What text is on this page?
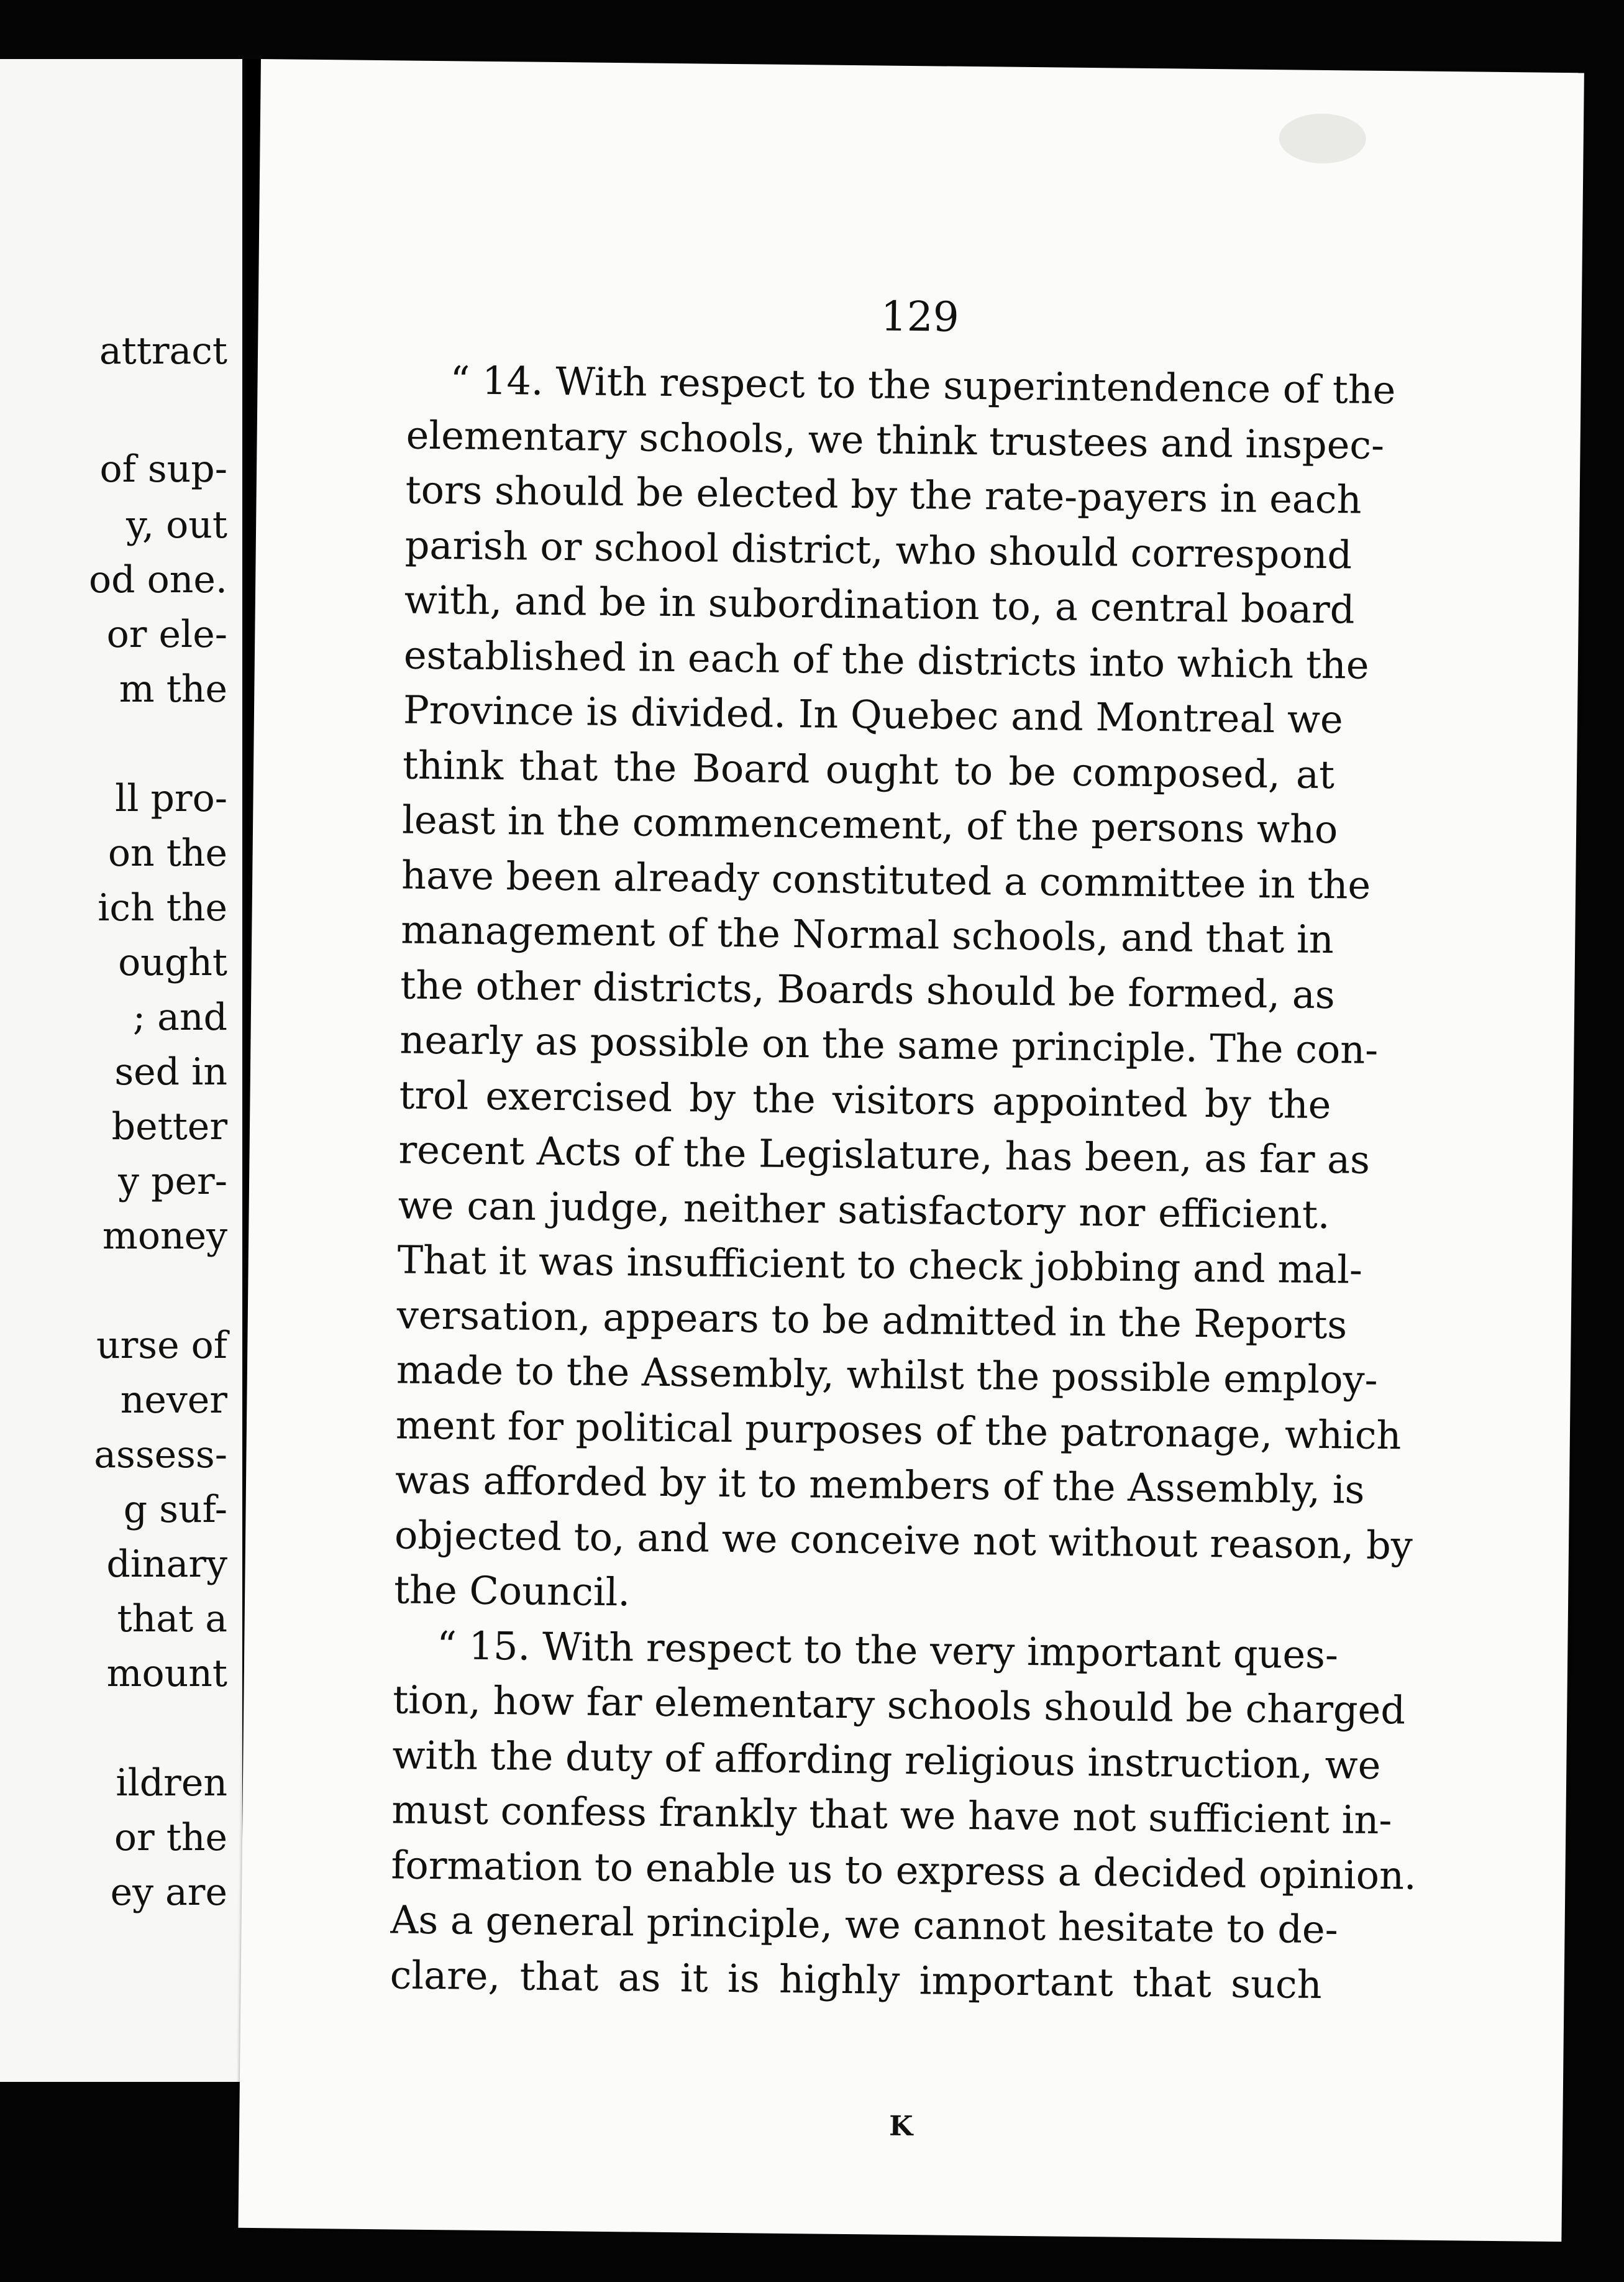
attract
of sup-
y, out
od one.
or ele-
m the
ll pro-
on the
ich the
ought
; and
sed in
better
y per-
money
urse of
never
assess-
g suf-
dinary
that a
mount
ildren
or the
ey are
129
“ 14. With respect to the superintendence of the
elementary schools, we think trustees and inspec-
tors should be elected by the rate-payers in each
parish or school district, who should correspond
with, and be in subordination to, a central board
established in each of the districts into which the
Province is divided. In Quebec and Montreal we
think that the Board ought to be composed, at
least in the commencement, of the persons who
have been already constituted a committee in the
management of the Normal schools, and that in
the other districts, Boards should be formed, as
nearly as possible on the same principle. The con-
trol exercised by the visitors appointed by the
recent Acts of the Legislature, has been, as far as
we can judge, neither satisfactory nor efficient.
That it was insufficient to check jobbing and mal-
versation, appears to be admitted in the Reports
made to the Assembly, whilst the possible employ-
ment for political purposes of the patronage, which
was afforded by it to members of the Assembly, is
objected to, and we conceive not without reason, by
the Council.
“ 15. With respect to the very important ques-
tion, how far elementary schools should be charged
with the duty of affording religious instruction, we
must confess frankly that we have not sufficient in-
formation to enable us to express a decided opinion.
As a general principle, we cannot hesitate to de-
clare, that as it is highly important that such
K
